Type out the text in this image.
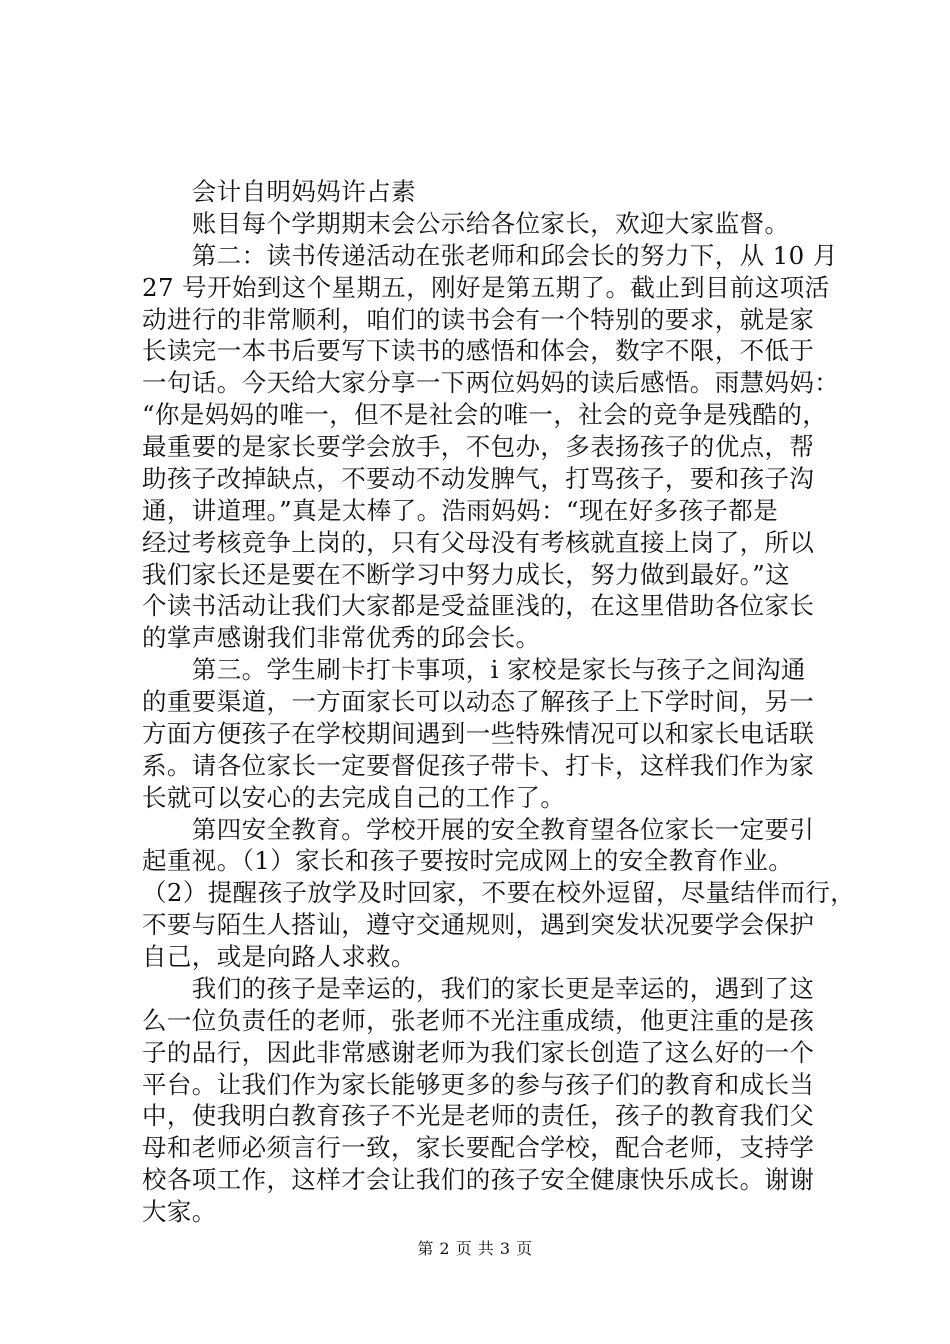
　　会计自明妈妈许占素
　　账目每个学期期末会公示给各位家长，欢迎大家监督。
　　第二：读书传递活动在张老师和邱会长的努力下，从 10 月
27 号开始到这个星期五，刚好是第五期了。截止到目前这项活
动进行的非常顺利，咱们的读书会有一个特别的要求，就是家
长读完一本书后要写下读书的感悟和体会，数字不限，不低于
一句话。今天给大家分享一下两位妈妈的读后感悟。雨慧妈妈：
“你是妈妈的唯一，但不是社会的唯一，社会的竞争是残酷的，
最重要的是家长要学会放手，不包办，多表扬孩子的优点，帮
助孩子改掉缺点，不要动不动发脾气，打骂孩子，要和孩子沟
通，讲道理。”真是太棒了。浩雨妈妈：“现在好多孩子都是
经过考核竞争上岗的，只有父母没有考核就直接上岗了，所以
我们家长还是要在不断学习中努力成长，努力做到最好。”这
个读书活动让我们大家都是受益匪浅的，在这里借助各位家长
的掌声感谢我们非常优秀的邱会长。
　　第三。学生刷卡打卡事项，i 家校是家长与孩子之间沟通
的重要渠道，一方面家长可以动态了解孩子上下学时间，另一
方面方便孩子在学校期间遇到一些特殊情况可以和家长电话联
系。请各位家长一定要督促孩子带卡、打卡，这样我们作为家
长就可以安心的去完成自己的工作了。
　　第四安全教育。学校开展的安全教育望各位家长一定要引
起重视。（1）家长和孩子要按时完成网上的安全教育作业。
（2）提醒孩子放学及时回家，不要在校外逗留，尽量结伴而行，
不要与陌生人搭讪，遵守交通规则，遇到突发状况要学会保护
自己，或是向路人求救。
　　我们的孩子是幸运的，我们的家长更是幸运的，遇到了这
么一位负责任的老师，张老师不光注重成绩，他更注重的是孩
子的品行，因此非常感谢老师为我们家长创造了这么好的一个
平台。让我们作为家长能够更多的参与孩子们的教育和成长当
中，使我明白教育孩子不光是老师的责任，孩子的教育我们父
母和老师必须言行一致，家长要配合学校，配合老师，支持学
校各项工作，这样才会让我们的孩子安全健康快乐成长。谢谢
大家。
第 2 页 共 3 页
